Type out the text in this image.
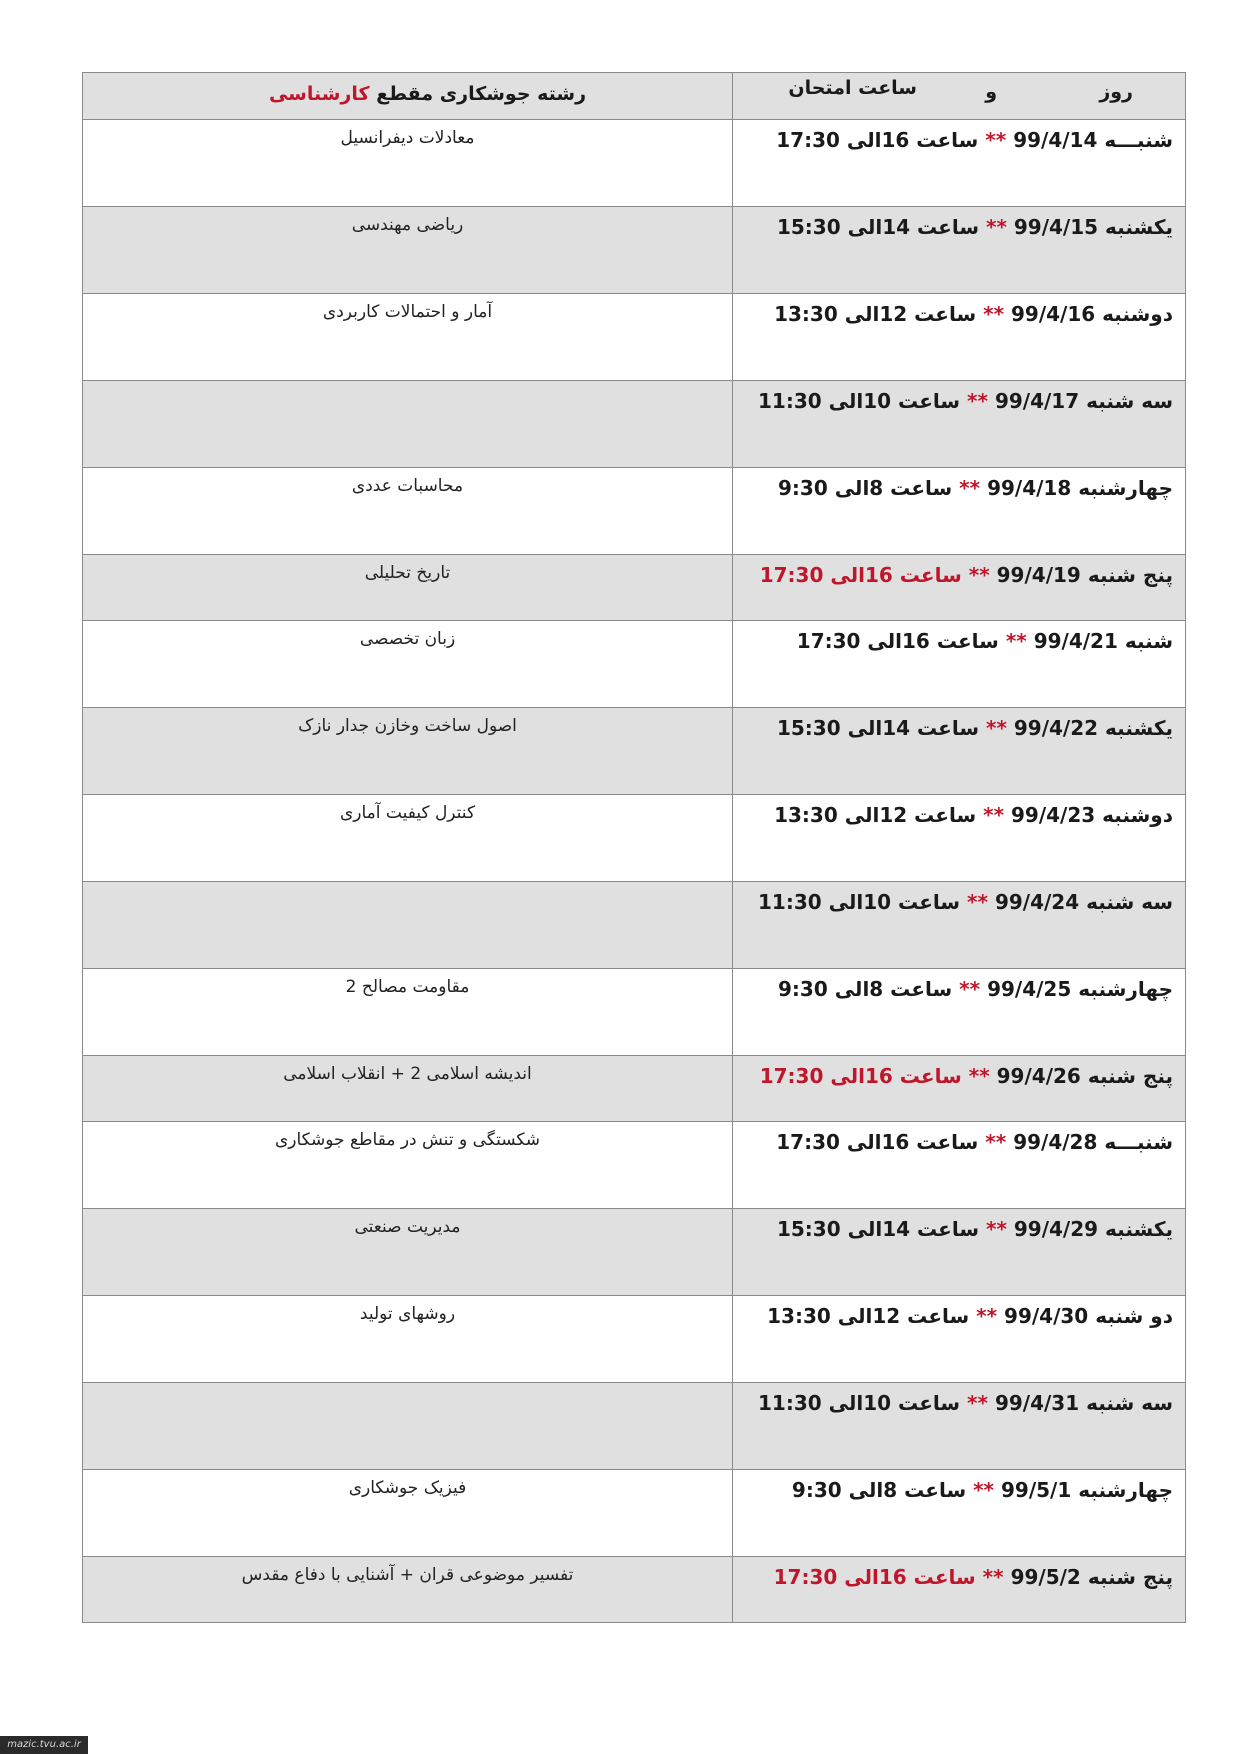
رشته جوشکاری مقطع کارشناسی	روز
و
ساعت امتحان

معادلات دیفرانسیل	شنبـــه 99/4/14 ** ساعت 16الی 17:30

ریاضی مهندسی	یکشنبه 99/4/15 ** ساعت 14الی 15:30

آمار و احتمالات کاربردی	دوشنبه 99/4/16 ** ساعت 12الی 13:30

	سه شنبه 99/4/17 ** ساعت 10الی 11:30

محاسبات عددی	چهارشنبه 99/4/18 ** ساعت 8الی 9:30

تاریخ تحلیلی	پنج شنبه 99/4/19 ** ساعت 16الی 17:30

زبان تخصصی	شنبه 99/4/21 ** ساعت 16الی 17:30

اصول ساخت وخازن جدار نازک	یکشنبه 99/4/22 ** ساعت 14الی 15:30

کنترل کیفیت آماری	دوشنبه 99/4/23 ** ساعت 12الی 13:30

	سه شنبه 99/4/24 ** ساعت 10الی 11:30

مقاومت مصالح 2	چهارشنبه 99/4/25 ** ساعت 8الی 9:30

اندیشه اسلامی 2 + انقلاب اسلامی	پنج شنبه 99/4/26 ** ساعت 16الی 17:30

شکستگی و تنش در مقاطع جوشکاری	شنبـــه 99/4/28 ** ساعت 16الی 17:30

مدیریت صنعتی	یکشنبه 99/4/29 ** ساعت 14الی 15:30

روشهای تولید	دو شنبه 99/4/30 ** ساعت 12الی 13:30

	سه شنبه 99/4/31 ** ساعت 10الی 11:30

فیزیک جوشکاری	چهارشنبه 99/5/1 ** ساعت 8الی 9:30

تفسیر موضوعی قران + آشنایی با دفاع مقدس	پنج شنبه 99/5/2 ** ساعت 16الی 17:30
mazic.tvu.ac.ir
